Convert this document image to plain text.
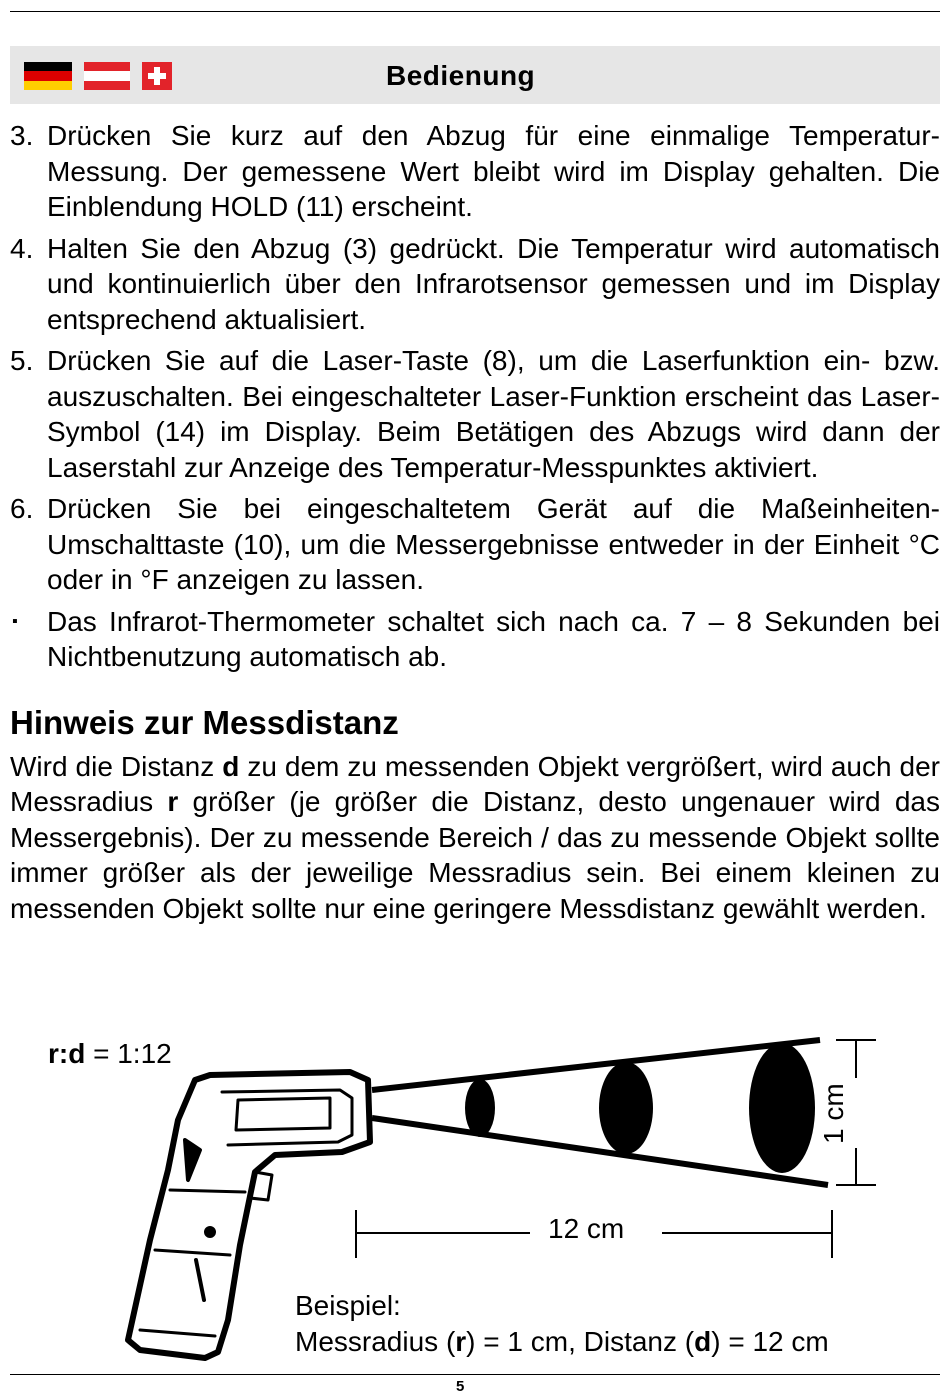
Bedienung
3. Drücken Sie kurz auf den Abzug für eine einmalige Temperatur-Messung. Der gemessene Wert bleibt wird im Display gehalten. Die Einblendung HOLD (11) erscheint.
4. Halten Sie den Abzug (3) gedrückt. Die Temperatur wird automatisch und kontinuierlich über den Infrarotsensor gemessen und im Display entsprechend aktualisiert.
5. Drücken Sie auf die Laser-Taste (8), um die Laserfunktion ein- bzw. auszuschalten. Bei eingeschalteter Laser-Funktion erscheint das Laser-Symbol (14) im Display. Beim Betätigen des Abzugs wird dann der Laserstahl zur Anzeige des Temperatur-Messpunktes aktiviert.
6. Drücken Sie bei eingeschaltetem Gerät auf die Maßeinheiten-Umschalttaste (10), um die Messergebnisse entweder in der Einheit °C oder in °F anzeigen zu lassen.
▪ Das Infrarot-Thermometer schaltet sich nach ca. 7 – 8 Sekunden bei Nichtbenutzung automatisch ab.
Hinweis zur Messdistanz
Wird die Distanz d zu dem zu messenden Objekt vergrößert, wird auch der Messradius r größer (je größer die Distanz, desto ungenauer wird das Messergebnis). Der zu messende Bereich / das zu messende Objekt sollte immer größer als der jeweilige Messradius sein. Bei einem kleinen zu messenden Objekt sollte nur eine geringere Messdistanz gewählt werden.
r:d = 1:12
12 cm
1 cm
Beispiel:
Messradius (r) = 1 cm, Distanz (d) = 12 cm
5
